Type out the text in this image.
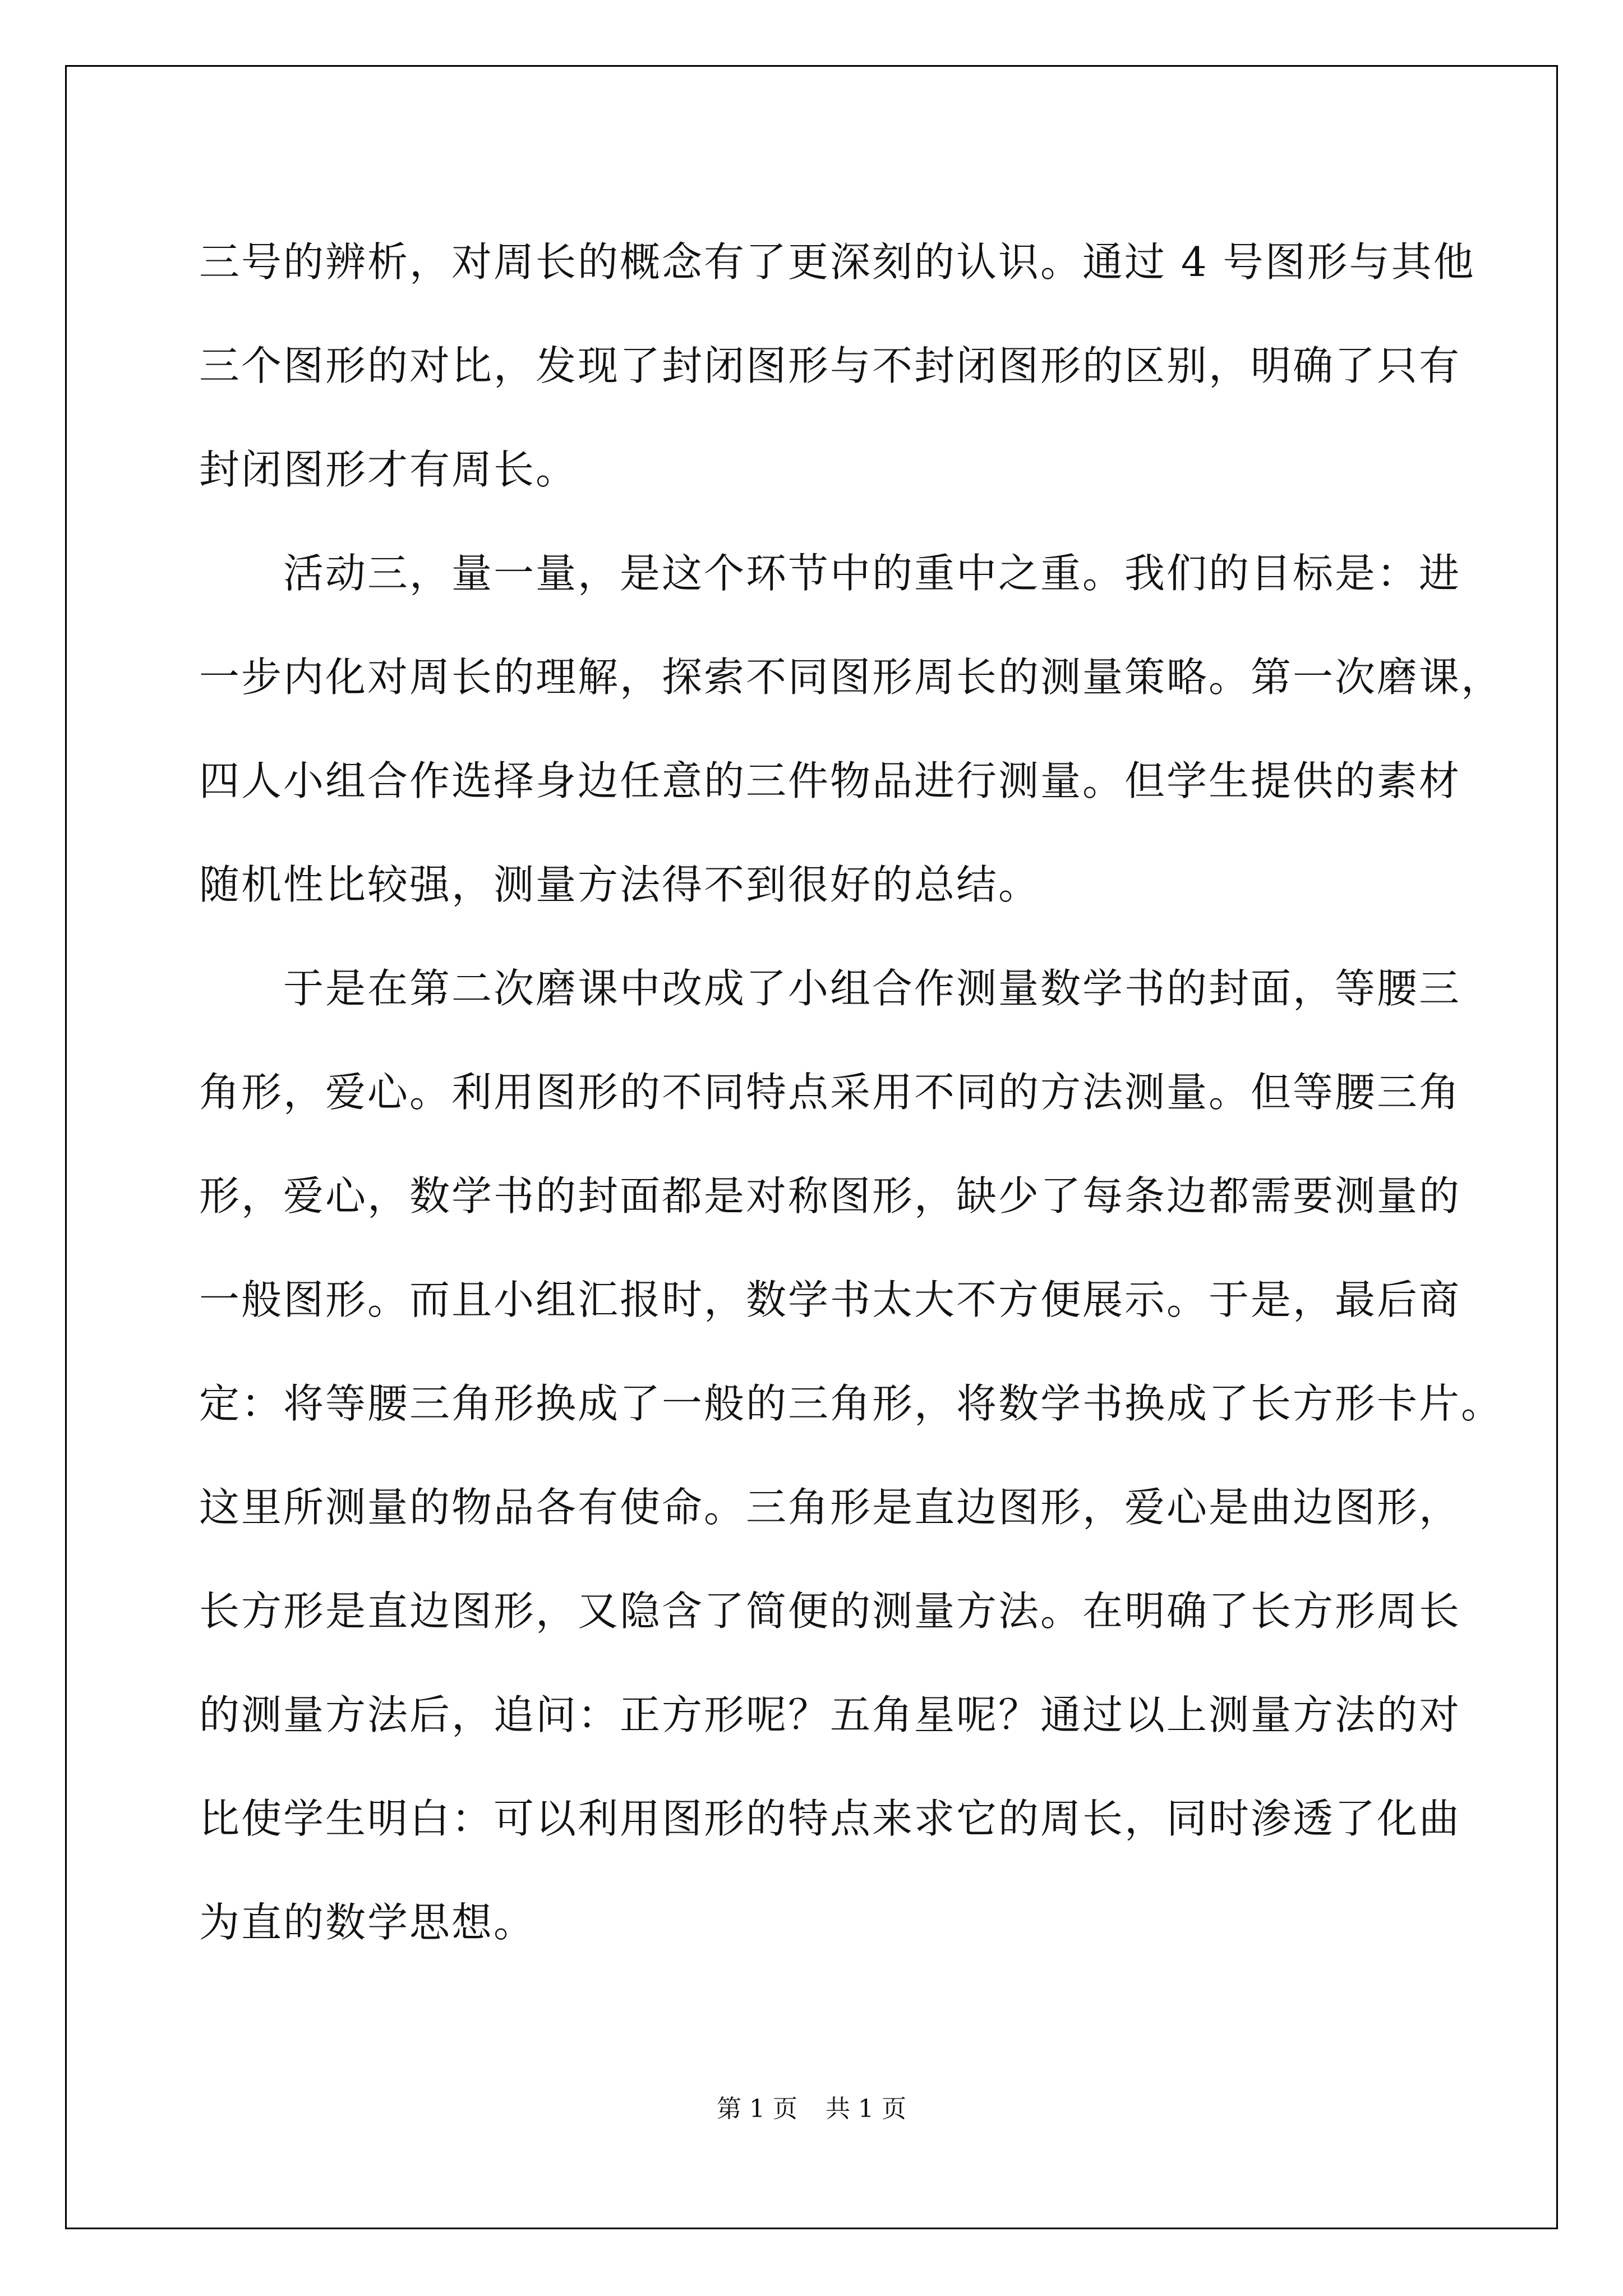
三号的辨析，对周长的概念有了更深刻的认识。通过 4 号图形与其他
三个图形的对比，发现了封闭图形与不封闭图形的区别，明确了只有
封闭图形才有周长。
　　活动三，量一量，是这个环节中的重中之重。我们的目标是：进
一步内化对周长的理解，探索不同图形周长的测量策略。第一次磨课，
四人小组合作选择身边任意的三件物品进行测量。但学生提供的素材
随机性比较强，测量方法得不到很好的总结。
　　于是在第二次磨课中改成了小组合作测量数学书的封面，等腰三
角形，爱心。利用图形的不同特点采用不同的方法测量。但等腰三角
形，爱心，数学书的封面都是对称图形，缺少了每条边都需要测量的
一般图形。而且小组汇报时，数学书太大不方便展示。于是，最后商
定：将等腰三角形换成了一般的三角形，将数学书换成了长方形卡片。
这里所测量的物品各有使命。三角形是直边图形，爱心是曲边图形，
长方形是直边图形，又隐含了简便的测量方法。在明确了长方形周长
的测量方法后，追问：正方形呢？五角星呢？通过以上测量方法的对
比使学生明白：可以利用图形的特点来求它的周长，同时渗透了化曲
为直的数学思想。
第 1 页 共 1 页
